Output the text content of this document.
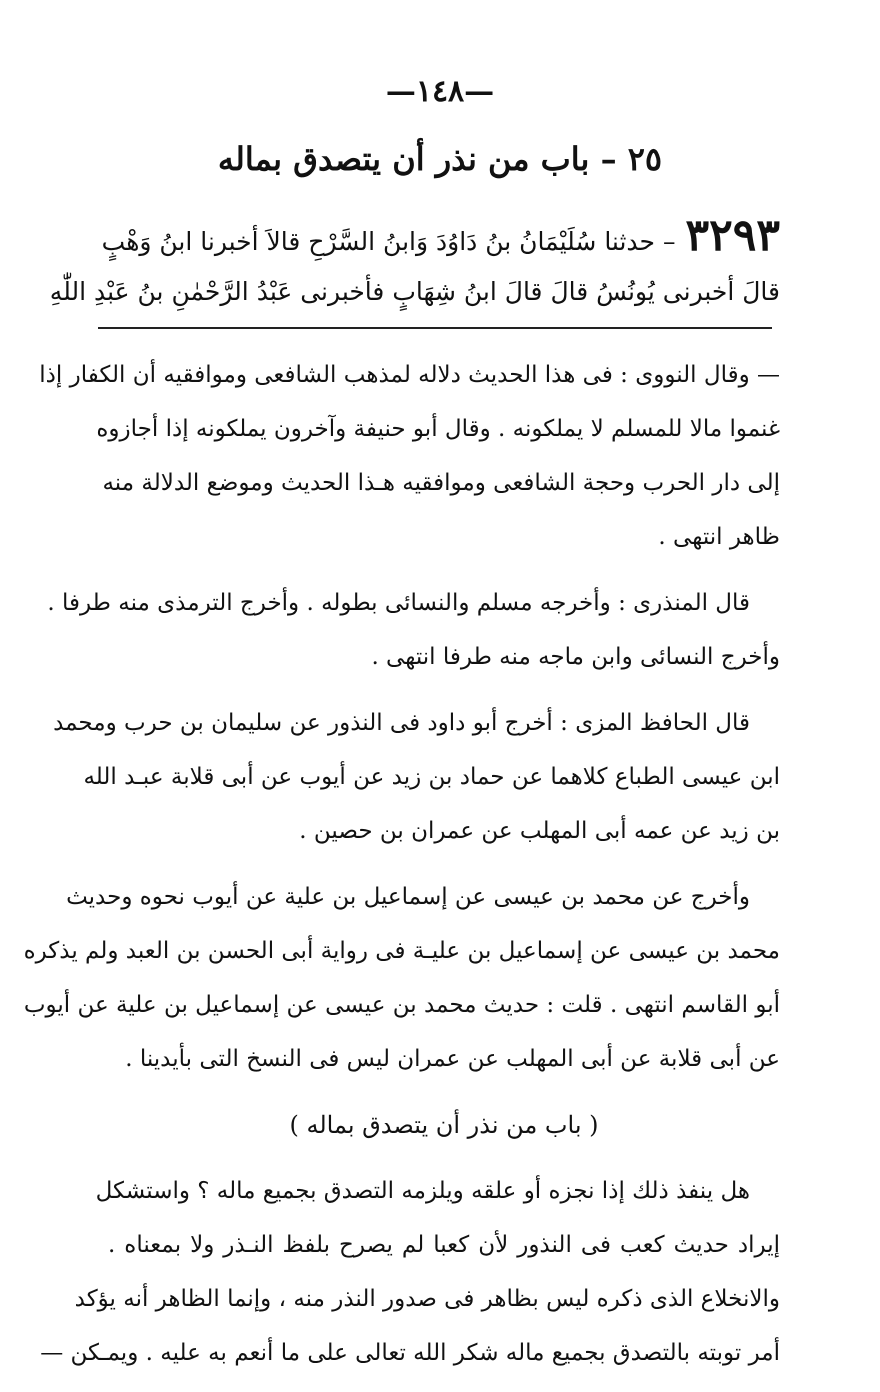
—١٤٨—
٢٥ – باب من نذر أن يتصدق بماله
٣٢٩٣– حدثنا سُلَيْمَانُ بنُ دَاوُدَ وَابنُ السَّرْحِ قالاَ أخبرنا ابنُ وَهْبٍ
قالَ أخبرنى يُونُسُ قالَ قالَ ابنُ شِهَابٍ فأخبرنى عَبْدُ الرَّحْمٰنِ بنُ عَبْدِ اللّٰهِ
— وقال النووى : فى هذا الحديث دلاله لمذهب الشافعى وموافقيه أن الكفار إذا
غنموا مالا للمسلم لا يملكونه . وقال أبو حنيفة وآخرون يملكونه إذا أجازوه
إلى دار الحرب وحجة الشافعى وموافقيه هـذا الحديث وموضع الدلالة منه
ظاهر انتهى .
قال المنذرى : وأخرجه مسلم والنسائى بطوله . وأخرج الترمذى منه طرفا .
وأخرج النسائى وابن ماجه منه طرفا انتهى .
قال الحافظ المزى : أخرج أبو داود فى النذور عن سليمان بن حرب ومحمد
ابن عيسى الطباع كلاهما عن حماد بن زيد عن أيوب عن أبى قلابة عبـد الله
بن زيد عن عمه أبى المهلب عن عمران بن حصين .
وأخرج عن محمد بن عيسى عن إسماعيل بن علية عن أيوب نحوه وحديث
محمد بن عيسى عن إسماعيل بن عليـة فى رواية أبى الحسن بن العبد ولم يذكره
أبو القاسم انتهى . قلت : حديث محمد بن عيسى عن إسماعيل بن علية عن أيوب
عن أبى قلابة عن أبى المهلب عن عمران ليس فى النسخ التى بأيدينا .
( باب من نذر أن يتصدق بماله )
هل ينفذ ذلك إذا نجزه أو علقه ويلزمه التصدق بجميع ماله ؟ واستشكل
إيراد حديث كعب فى النذور لأن كعبا لم يصرح بلفظ النـذر ولا بمعناه .
والانخلاع الذى ذكره ليس بظاهر فى صدور النذر منه ، وإنما الظاهر أنه يؤكد
أمر توبته بالتصدق بجميع ماله شكر الله تعالى على ما أنعم به عليه . ويمـكن —
